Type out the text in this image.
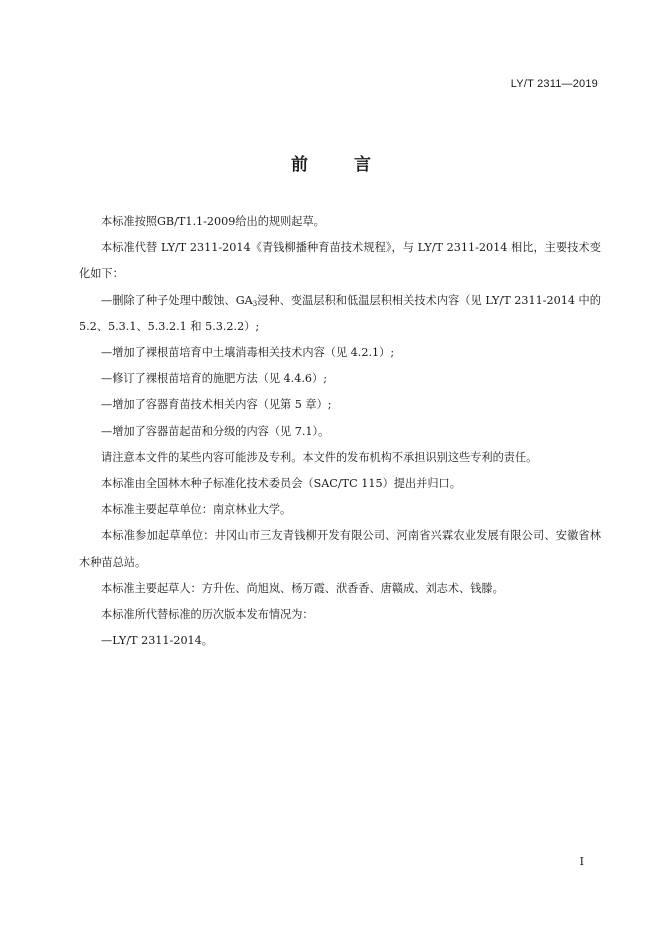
LY/T 2311—2019
前 言

本标准按照GB/T1.1-2009给出的规则起草。

本标准代替 LY/T 2311-2014《青钱柳播种育苗技术规程》，与 LY/T 2311-2014 相比，主要技术变化如下：

—删除了种子处理中酸蚀、$GA_3$浸种、变温层积和低温层积相关技术内容（见 LY/T 2311-2014 中的5.2、5.3.1、5.3.2.1 和 5.3.2.2）;

—增加了裸根苗培育中土壤消毒相关技术内容（见 4.2.1）;

—修订了裸根苗培育的施肥方法（见 4.4.6）;

—增加了容器育苗技术相关内容（见第 5 章）;

—增加了容器苗起苗和分级的内容（见 7.1）。

请注意本文件的某些内容可能涉及专利。本文件的发布机构不承担识别这些专利的责任。

本标准由全国林木种子标准化技术委员会（SAC/TC 115）提出并归口。

本标准主要起草单位：南京林业大学。

本标准参加起草单位：井冈山市三友青钱柳开发有限公司、河南省兴霖农业发展有限公司、安徽省林木种苗总站。

本标准主要起草人：方升佐、尚旭岚、杨万霞、洑香香、唐赣成、刘志术、钱滕。

本标准所代替标准的历次版本发布情况为：

—LY/T 2311-2014。

I
